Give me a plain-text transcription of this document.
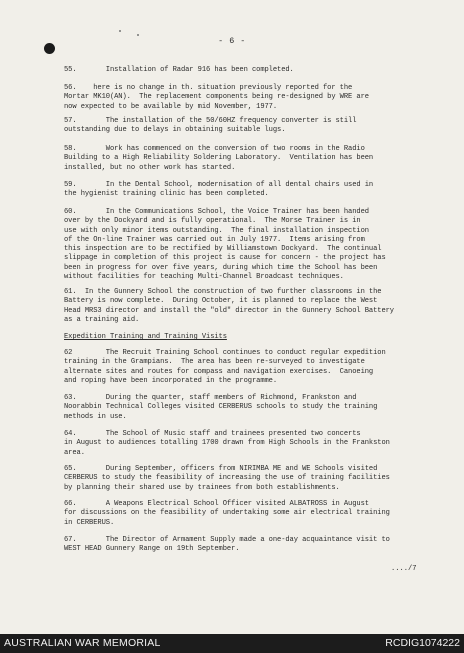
- 6 -
55.       Installation of Radar 916 has been completed.
56.    here is no change in th. situation previously reported for the
Mortar MK10(AN).  The replacement components being re-designed by WRE are
now expected to be available by mid November, 1977.
57.       The installation of the 50/60HZ frequency converter is still
outstanding due to delays in obtaining suitable lugs.
58.       Work has commenced on the conversion of two rooms in the Radio
Building to a High Reliability Soldering Laboratory.  Ventilation has been
installed, but no other work has started.
59.       In the Dental School, modernisation of all dental chairs used in
the hygienist training clinic has been completed.
60.       In the Communications School, the Voice Trainer has been handed
over by the Dockyard and is fully operational.  The Morse Trainer is in
use with only minor items outstanding.  The final installation inspection
of the On-line Trainer was carried out in July 1977.  Items arising from
this inspection are to be rectified by Williamstown Dockyard.  The continual
slippage in completion of this project is cause for concern - the project has
been in progress for over five years, during which time the School has been
without facilities for teaching Multi-Channel Broadcast techniques.
61.  In the Gunnery School the construction of two further classrooms in the
Battery is now complete.  During October, it is planned to replace the West
Head MRS3 director and install the "old" director in the Gunnery School Battery
as a training aid.
Expedition Training and Training Visits
62        The Recruit Training School continues to conduct regular expedition
training in the Grampians.  The area has been re-surveyed to investigate
alternate sites and routes for compass and navigation exercises.  Canoeing
and roping have been incorporated in the programme.
63.       During the quarter, staff members of Richmond, Frankston and
Noorabbin Technical Colleges visited CERBERUS schools to study the training
methods in use.
64.       The School of Music staff and trainees presented two concerts
in August to audiences totalling 1700 drawn from High Schools in the Frankston
area.
65.       During September, officers from NIRIMBA ME and WE Schools visited
CERBERUS to study the feasibility of increasing the use of training facilities
by planning their shared use by trainees from both establishments.
66.       A Weapons Electrical School Officer visited ALBATROSS in August
for discussions on the feasibility of undertaking some air electrical training
in CERBERUS.
67.       The Director of Armament Supply made a one-day acquaintance visit to
WEST HEAD Gunnery Range on 19th September.
..../7
AUSTRALIAN WAR MEMORIAL	RCDIG1074222
